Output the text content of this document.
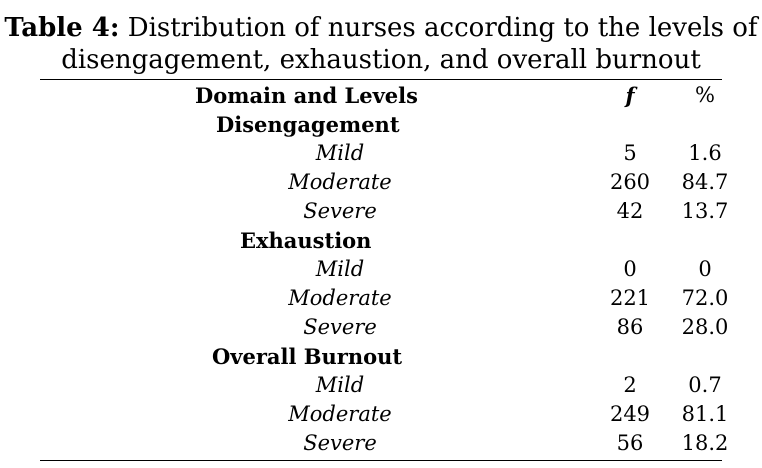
Table 4: Distribution of nurses according to the levels of
disengagement, exhaustion, and overall burnout
Domain and Levels	f	%
Disengagement
Mild	5	1.6
Moderate	260	84.7
Severe	42	13.7
Exhaustion
Mild	0	0
Moderate	221	72.0
Severe	86	28.0
Overall Burnout
Mild	2	0.7
Moderate	249	81.1
Severe	56	18.2
